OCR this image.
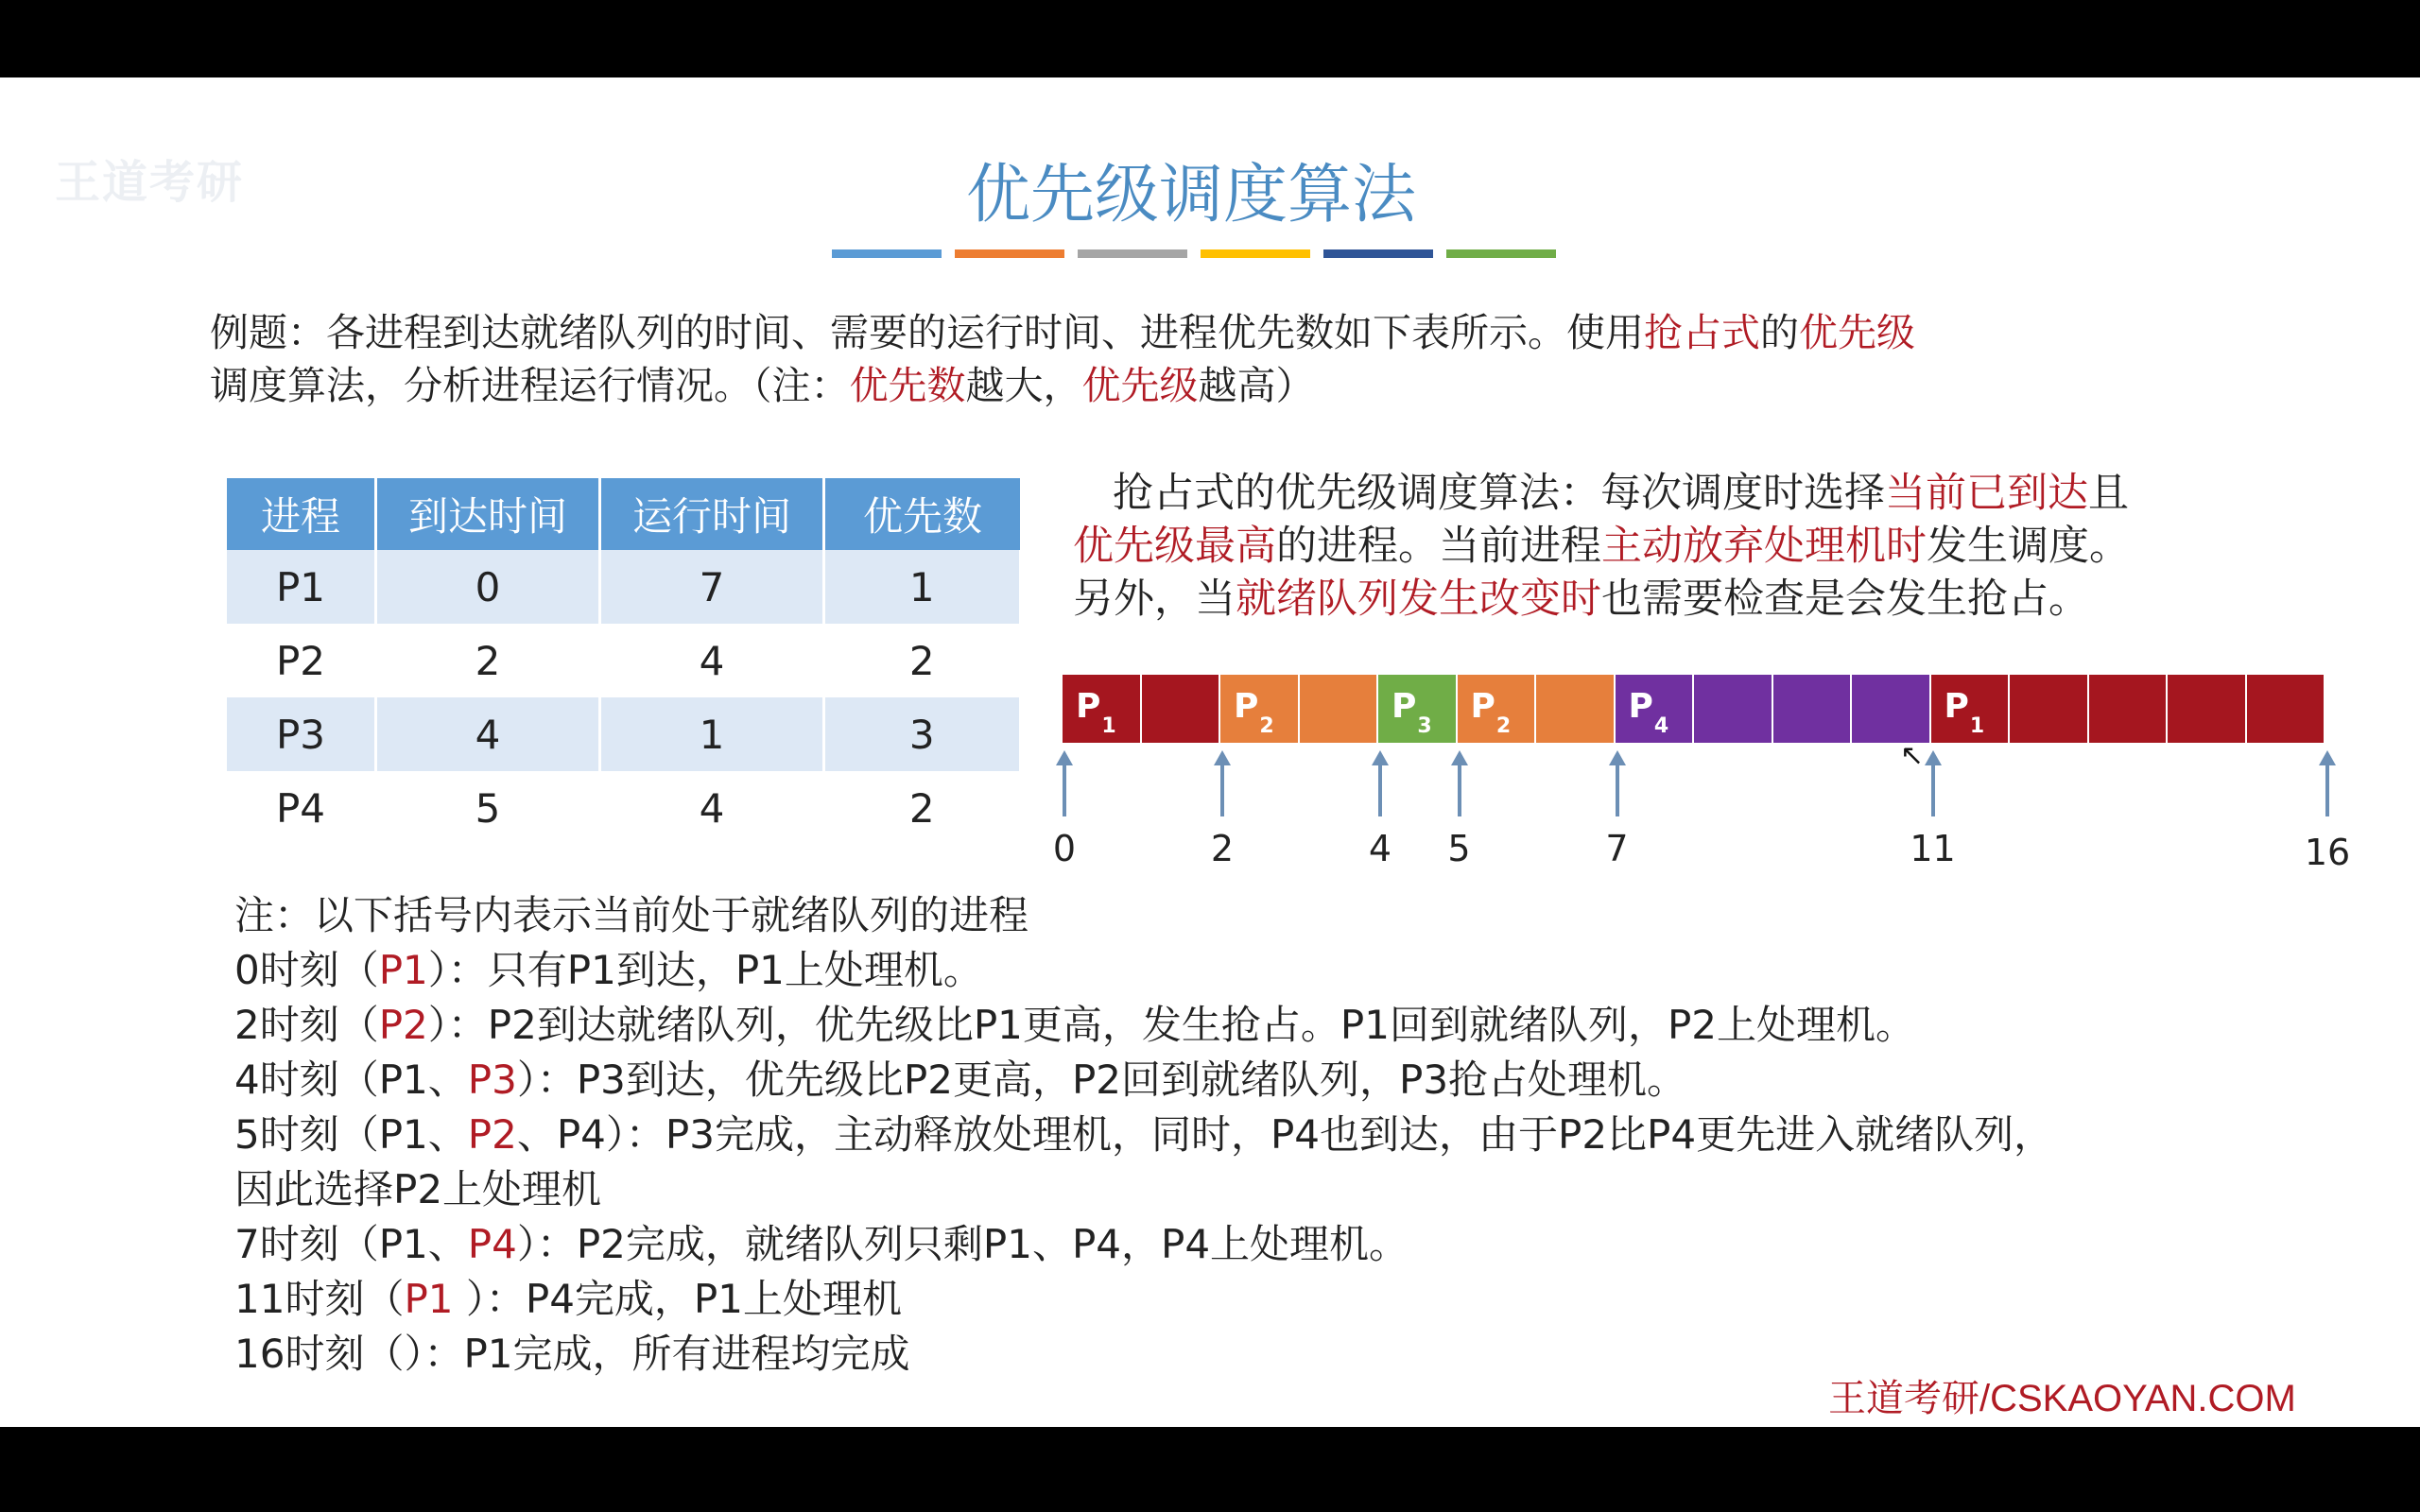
王道考研	优先级调度算法
例题：各进程到达就绪队列的时间、需要的运行时间、进程优先数如下表所示。使用抢占式的优先级
调度算法，分析进程运行情况。（注：优先数越大，优先级越高）
进程	到达时间	运行时间	优先数
P1	0	7	1
P2	2	4	2
P3	4	1	3
P4	5	4	2
抢占式的优先级调度算法：每次调度时选择当前已到达且
优先级最高的进程。当前进程主动放弃处理机时发生调度。
另外，当就绪队列发生改变时也需要检查是会发生抢占。
$P_1$
$P_2$
$P_3$
$P_2$
$P_4$
$P_1$
0	2	4 5	7	11	16
注：以下括号内表示当前处于就绪队列的进程
0时刻（P1）：只有P1到达，P1上处理机。
2时刻（P2）：P2到达就绪队列，优先级比P1更高，发生抢占。P1回到就绪队列，P2上处理机。
4时刻（P1、P3）：P3到达，优先级比P2更高，P2回到就绪队列，P3抢占处理机。
5时刻（P1、P2、P4）：P3完成，主动释放处理机，同时，P4也到达，由于P2比P4更先进入就绪队列，
因此选择P2上处理机
7时刻（P1、P4）：P2完成，就绪队列只剩P1、P4，P4上处理机。
11时刻（P1 ）：P4完成，P1上处理机
16时刻（）：P1完成，所有进程均完成
王道考研/CSKAOYAN.COM
↖
